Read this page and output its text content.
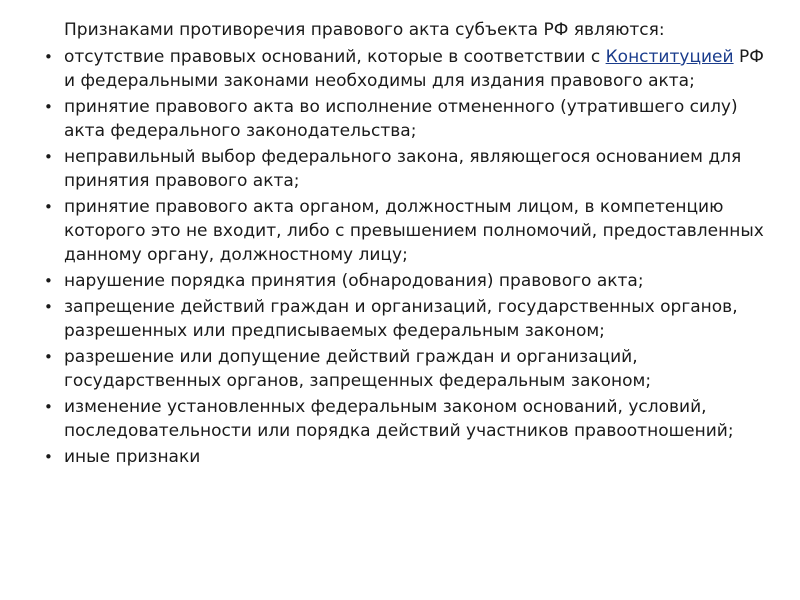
Признаками противоречия правового акта субъекта РФ являются:

• отсутствие правовых оснований, которые в соответствии с Конституцией РФ и федеральными законами необходимы для издания правового акта;
• принятие правового акта во исполнение отмененного (утратившего силу) акта федерального законодательства;
• неправильный выбор федерального закона, являющегося основанием для принятия правового акта;
• принятие правового акта органом, должностным лицом, в компетенцию которого это не входит, либо с превышением полномочий, предоставленных данному органу, должностному лицу;
• нарушение порядка принятия (обнародования) правового акта;
• запрещение действий граждан и организаций, государственных органов, разрешенных или предписываемых федеральным законом;
• разрешение или допущение действий граждан и организаций, государственных органов, запрещенных федеральным законом;
• изменение установленных федеральным законом оснований, условий, последовательности или порядка действий участников правоотношений;
• иные признаки
